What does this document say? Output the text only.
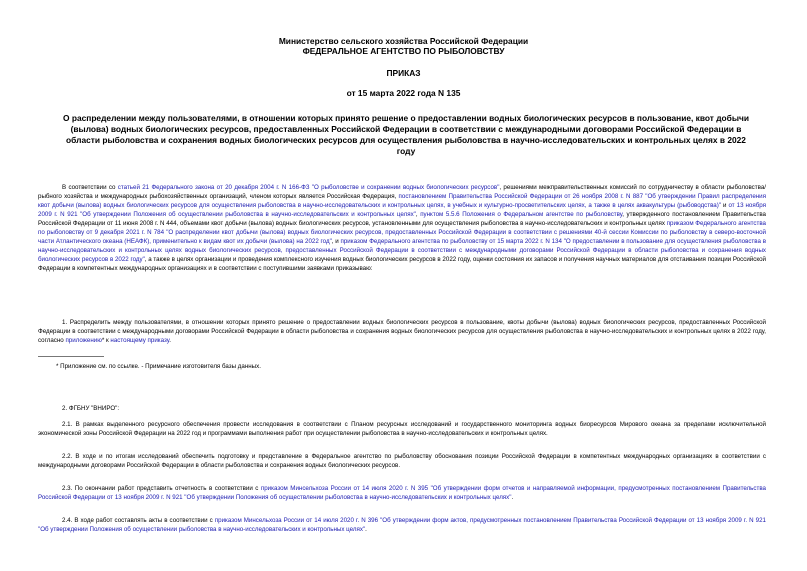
Министерство сельского хозяйства Российской Федерации
ФЕДЕРАЛЬНОЕ АГЕНТСТВО ПО РЫБОЛОВСТВУ
ПРИКАЗ
от 15 марта 2022 года N 135
О распределении между пользователями, в отношении которых принято решение о предоставлении водных биологических ресурсов в пользование, квот добычи (вылова) водных биологических ресурсов, предоставленных Российской Федерации в соответствии с международными договорами Российской Федерации в области рыболовства и сохранения водных биологических ресурсов для осуществления рыболовства в научно-исследовательских и контрольных целях в 2022 году

В соответствии со статьей 21 Федерального закона от 20 декабря 2004 г. N 166-ФЗ "О рыболовстве и сохранении водных биологических ресурсов", решениями межправительственных комиссий по сотрудничеству в области рыболовства/рыбного хозяйства и международных рыбохозяйственных организаций, членом которых является Российская Федерация, постановлением Правительства Российской Федерации от 26 ноября 2008 г. N 887 "Об утверждении Правил распределения квот добычи (вылова) водных биологических ресурсов для осуществления рыболовства в научно-исследовательских и контрольных целях, в учебных и культурно-просветительских целях, а также в целях аквакультуры (рыбоводства)" и от 13 ноября 2009 г. N 921 "Об утверждении Положения об осуществлении рыболовства в научно-исследовательских и контрольных целях", пунктом 5.5.6 Положения о Федеральном агентстве по рыболовству, утвержденного постановлением Правительства Российской Федерации от 11 июня 2008 г. N 444, объемами квот добычи (вылова) водных биологических ресурсов, установленными для осуществления рыболовства в научно-исследовательских и контрольных целях приказом Федерального агентства по рыболовству от 9 декабря 2021 г. N 784 "О распределении квот добычи (вылова) водных биологических ресурсов, предоставленных Российской Федерации в соответствии с решениями 40-й сессии Комиссии по рыболовству в северо-восточной части Атлантического океана (НЕАФК), применительно к видам квот их добычи (вылова) на 2022 год", и приказом Федерального агентства по рыболовству от 15 марта 2022 г. N 134 "О предоставлении в пользование для осуществления рыболовства в научно-исследовательских и контрольных целях водных биологических ресурсов, предоставленных Российской Федерации в соответствии с международными договорами Российской Федерации в области рыболовства и сохранения водных биологических ресурсов в 2022 году", а также в целях организации и проведения комплексного изучения водных биологических ресурсов в 2022 году, оценки состояния их запасов и получения научных материалов для отстаивания позиции Российской Федерации в компетентных международных организациях и в соответствии с поступившими заявками приказываю:

1. Распределить между пользователями, в отношении которых принято решение о предоставлении водных биологических ресурсов в пользование, квоты добычи (вылова) водных биологических ресурсов, предоставленных Российской Федерации в соответствии с международными договорами Российской Федерации в области рыболовства и сохранения водных биологических ресурсов для осуществления рыболовства в научно-исследовательских и контрольных целях в 2022 году, согласно приложению* к настоящему приказу.

* Приложение см. по ссылке. - Примечание изготовителя базы данных.

2. ФГБНУ "ВНИРО":

2.1. В рамках выделенного ресурсного обеспечения провести исследования в соответствии с Планом ресурсных исследований и государственного мониторинга водных биоресурсов Мирового океана за пределами исключительной экономической зоны Российской Федерации на 2022 год и программами выполнения работ при осуществлении рыболовства в научно-исследовательских и контрольных целях.

2.2. В ходе и по итогам исследований обеспечить подготовку и представление в Федеральное агентство по рыболовству обоснования позиции Российской Федерации в компетентных международных организациях в соответствии с международными договорами Российской Федерации в области рыболовства и сохранения водных биологических ресурсов.

2.3. По окончании работ представить отчетность в соответствии с приказом Минсельхоза России от 14 июля 2020 г. N 395 "Об утверждении форм отчетов и направляемой информации, предусмотренных постановлением Правительства Российской Федерации от 13 ноября 2009 г. N 921 "Об утверждении Положения об осуществлении рыболовства в научно-исследовательских и контрольных целях".

2.4. В ходе работ составлять акты в соответствии с приказом Минсельхоза России от 14 июля 2020 г. N 396 "Об утверждении форм актов, предусмотренных постановлением Правительства Российской Федерации от 13 ноября 2009 г. N 921 "Об утверждении Положения об осуществлении рыболовства в научно-исследовательских и контрольных целях".
